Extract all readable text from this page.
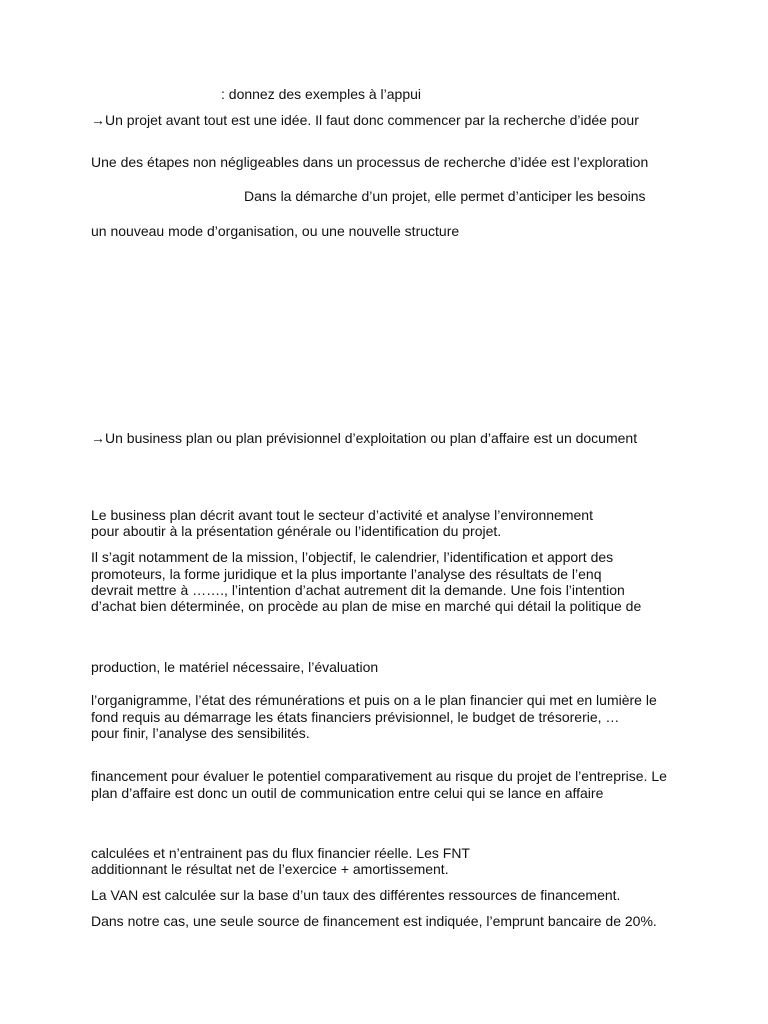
: donnez des exemples à l’appui
→Un projet avant tout est une idée. Il faut donc commencer par la recherche d’idée pour
Une des étapes non négligeables dans un processus de recherche d’idée est l’exploration
Dans la démarche d’un projet, elle permet d’anticiper les besoins
un nouveau mode d’organisation, ou une nouvelle structure
→Un business plan ou plan prévisionnel d’exploitation ou plan d’affaire est un document
Le business plan décrit avant tout le secteur d’activité et analyse l’environnement
pour aboutir à la présentation générale ou l’identification du projet.
Il s’agit notamment de la mission, l’objectif, le calendrier, l’identification et apport des
promoteurs, la forme juridique et la plus importante l’analyse des résultats de l’enq
devrait mettre à ……., l’intention d’achat autrement dit la demande. Une fois l’intention
d’achat bien déterminée, on procède au plan de mise en marché qui détail la politique de
production, le matériel nécessaire, l’évaluation
l’organigramme, l’état des rémunérations et puis on a le plan financier qui met en lumière le
fond requis au démarrage les états financiers prévisionnel, le budget de trésorerie, …
pour finir, l’analyse des sensibilités.
financement pour évaluer le potentiel comparativement au risque du projet de l’entreprise. Le
plan d’affaire est donc un outil de communication entre celui qui se lance en affaire
calculées et n’entrainent pas du flux financier réelle. Les FNT
additionnant le résultat net de l’exercice + amortissement.
La VAN est calculée sur la base d’un taux des différentes ressources de financement.
Dans notre cas, une seule source de financement est indiquée, l’emprunt bancaire de 20%.
